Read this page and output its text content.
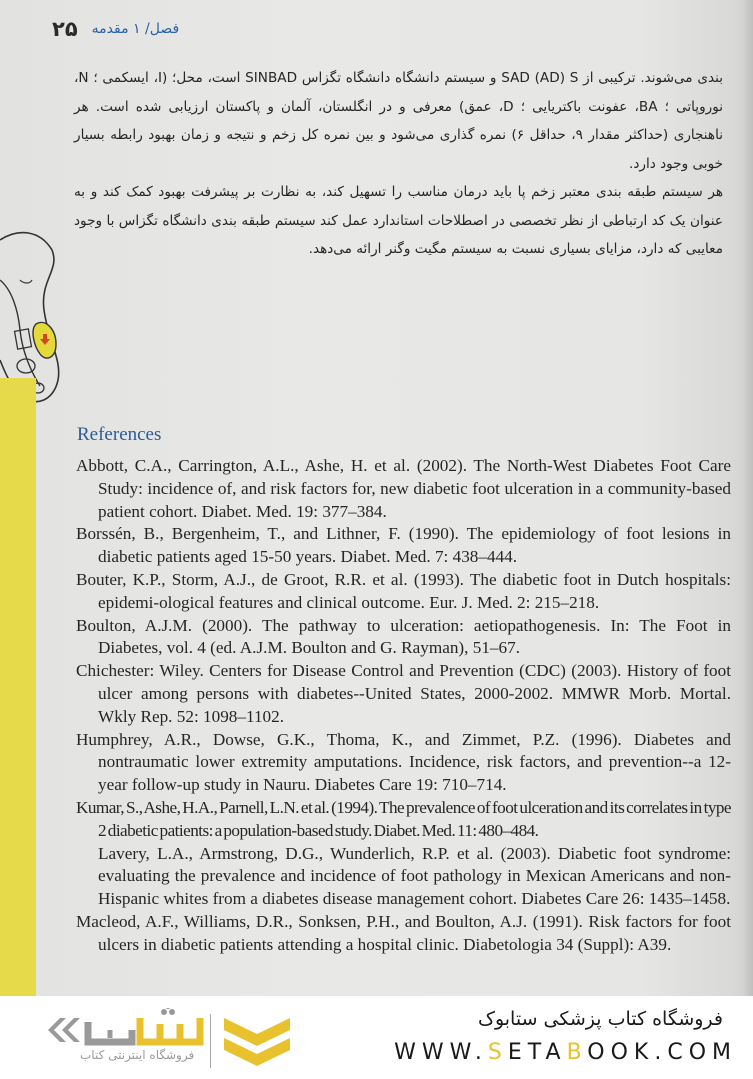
۲۵ فصل/ ۱ مقدمه

بندی می‌شوند. ترکیبی از SAD (AD) S و سیستم دانشگاه دانشگاه تگزاس SINBAD است، محل؛ (I، ایسکمی ؛ N، نوروپاتی ؛ BA، عفونت باکتریایی ؛ D، عمق) معرفی و در انگلستان، آلمان و پاکستان ارزیابی شده است. هر ناهنجاری (حداکثر مقدار ۹، حداقل ۶) نمره گذاری می‌شود و بین نمره کل زخم و نتیجه و زمان بهبود رابطه بسیار خوبی وجود دارد.

هر سیستم طبقه بندی معتبر زخم پا باید درمان مناسب را تسهیل کند، به نظارت بر پیشرفت بهبود کمک کند و به عنوان یک کد ارتباطی از نظر تخصصی در اصطلاحات استاندارد عمل کند سیستم طبقه بندی دانشگاه تگزاس با وجود معایبی که دارد، مزایای بسیاری نسبت به سیستم مگیت وگنر ارائه می‌دهد.

References
Abbott, C.A., Carrington, A.L., Ashe, H. et al. (2002). The North-West Diabetes Foot Care Study: incidence of, and risk factors for, new diabetic foot ulceration in a community-based patient cohort. Diabet. Med. 19: 377–384.
Borssén, B., Bergenheim, T., and Lithner, F. (1990). The epidemiology of foot lesions in diabetic patients aged 15-50 years. Diabet. Med. 7: 438–444.
Bouter, K.P., Storm, A.J., de Groot, R.R. et al. (1993). The diabetic foot in Dutch hospitals: epidemi-ological features and clinical outcome. Eur. J. Med. 2: 215–218.
Boulton, A.J.M. (2000). The pathway to ulceration: aetiopathogenesis. In: The Foot in Diabetes, vol. 4 (ed. A.J.M. Boulton and G. Rayman), 51–67.
Chichester: Wiley. Centers for Disease Control and Prevention (CDC) (2003). History of foot ulcer among persons with diabetes--United States, 2000-2002. MMWR Morb. Mortal. Wkly Rep. 52: 1098–1102.
Humphrey, A.R., Dowse, G.K., Thoma, K., and Zimmet, P.Z. (1996). Diabetes and nontraumatic lower extremity amputations. Incidence, risk factors, and prevention--a 12-year follow-up study in Nauru. Diabetes Care 19: 710–714.
Kumar, S., Ashe, H.A., Parnell, L.N. et al. (1994). The prevalence of foot ulceration and its correlates in type 2 diabetic patients: a population-based study. Diabet. Med. 11: 480–484.
Lavery, L.A., Armstrong, D.G., Wunderlich, R.P. et al. (2003). Diabetic foot syndrome: evaluating the prevalence and incidence of foot pathology in Mexican Americans and non-Hispanic whites from a diabetes disease management cohort. Diabetes Care 26: 1435–1458.
Macleod, A.F., Williams, D.R., Sonksen, P.H., and Boulton, A.J. (1991). Risk factors for foot ulcers in diabetic patients attending a hospital clinic. Diabetologia 34 (Suppl): A39.
فروشگاه اینترنتی کتاب
فروشگاه کتاب پزشکی ستابوک
WWW.SETABOOK.COM
